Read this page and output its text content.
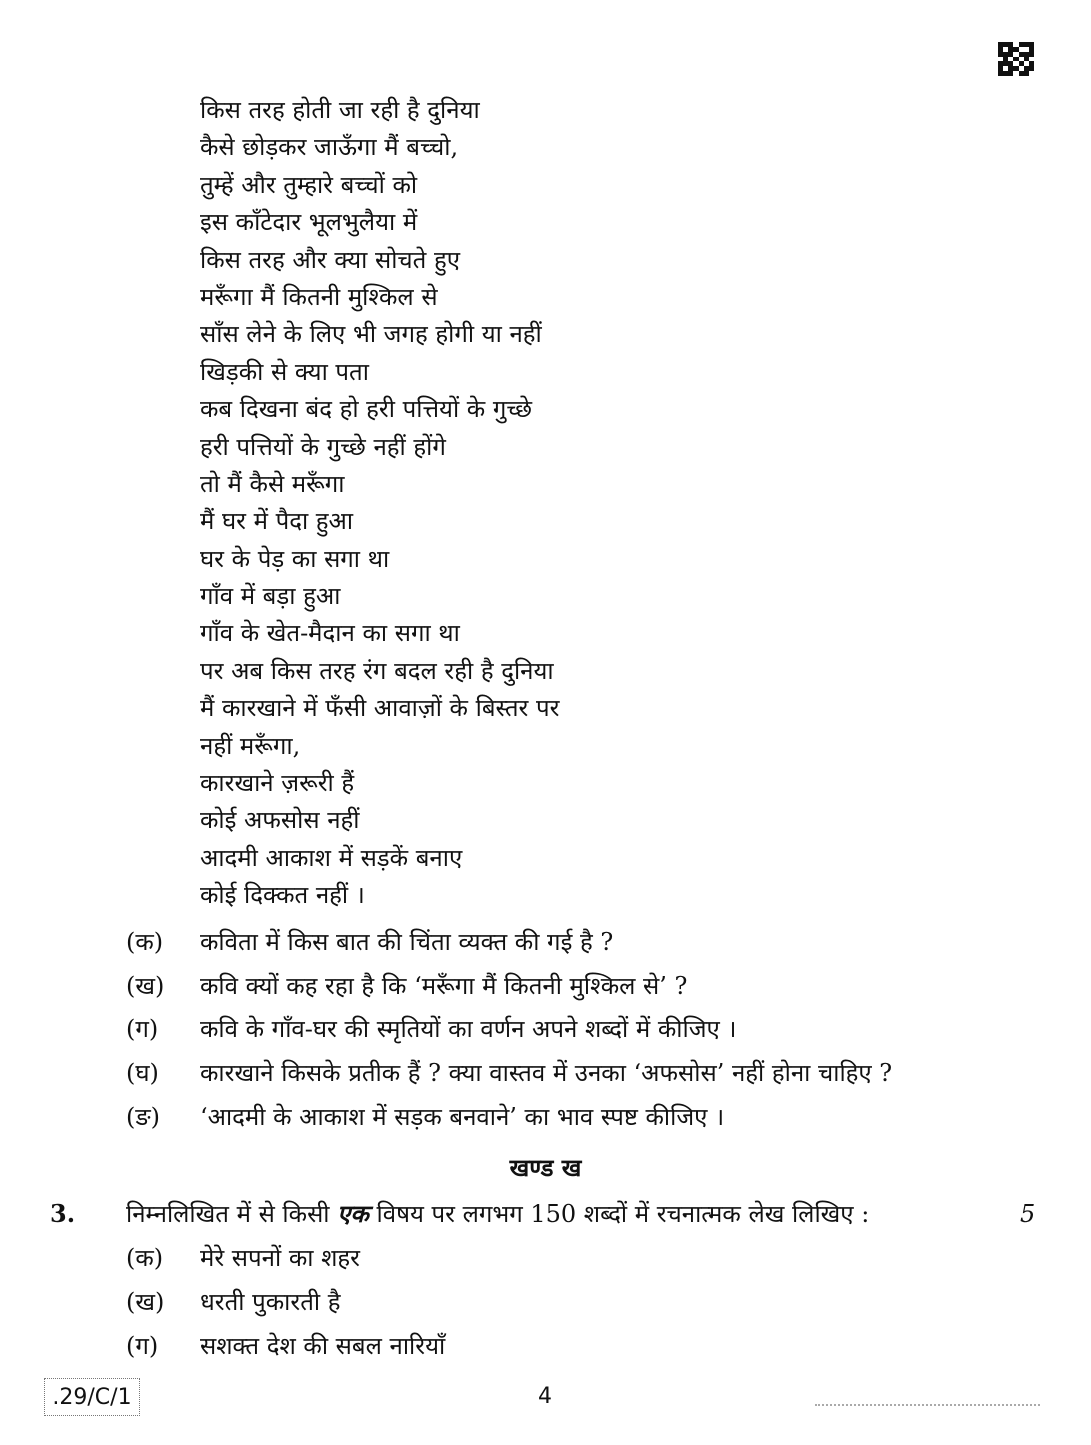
किस तरह होती जा रही है दुनिया
कैसे छोड़कर जाऊँगा मैं बच्चो,
तुम्हें और तुम्हारे बच्चों को
इस काँटेदार भूलभुलैया में
किस तरह और क्या सोचते हुए
मरूँगा मैं कितनी मुश्किल से
साँस लेने के लिए भी जगह होगी या नहीं
खिड़की से क्या पता
कब दिखना बंद हो हरी पत्तियों के गुच्छे
हरी पत्तियों के गुच्छे नहीं होंगे
तो मैं कैसे मरूँगा
मैं घर में पैदा हुआ
घर के पेड़ का सगा था
गाँव में बड़ा हुआ
गाँव के खेत-मैदान का सगा था
पर अब किस तरह रंग बदल रही है दुनिया
मैं कारखाने में फँसी आवाज़ों के बिस्तर पर
नहीं मरूँगा,
कारखाने ज़रूरी हैं
कोई अफसोस नहीं
आदमी आकाश में सड़कें बनाए
कोई दिक्कत नहीं ।
(क) कविता में किस बात की चिंता व्यक्त की गई है ?
(ख) कवि क्यों कह रहा है कि ‘मरूँगा मैं कितनी मुश्किल से’ ?
(ग) कवि के गाँव-घर की स्मृतियों का वर्णन अपने शब्दों में कीजिए ।
(घ) कारखाने किसके प्रतीक हैं ? क्या वास्तव में उनका ‘अफसोस’ नहीं होना चाहिए ?
(ङ) ‘आदमी के आकाश में सड़क बनवाने’ का भाव स्पष्ट कीजिए ।
खण्ड ख
3. निम्नलिखित में से किसी एक विषय पर लगभग 150 शब्दों में रचनात्मक लेख लिखिए :	5
(क) मेरे सपनों का शहर
(ख) धरती पुकारती है
(ग) सशक्त देश की सबल नारियाँ
.29/C/1	4
